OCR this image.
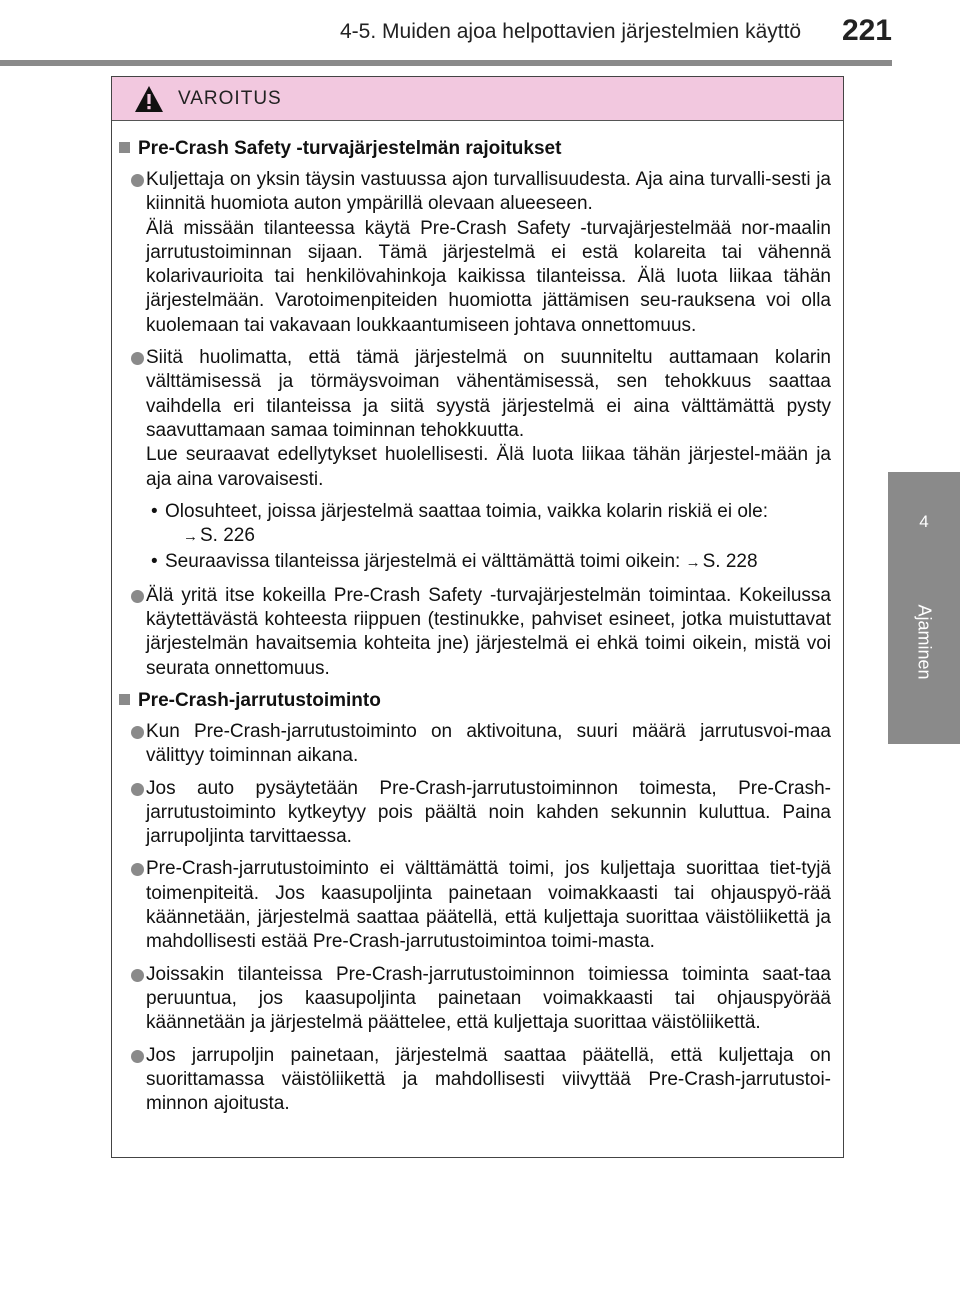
4-5. Muiden ajoa helpottavien järjestelmien käyttö 221
4
Ajaminen
VAROITUS
Pre-Crash Safety -turvajärjestelmän rajoitukset

Kuljettaja on yksin täysin vastuussa ajon turvallisuudesta. Aja aina turvalli-sesti ja kiinnitä huomiota auton ympärillä olevaan alueeseen.

Älä missään tilanteessa käytä Pre-Crash Safety -turvajärjestelmää nor-maalin jarrutustoiminnan sijaan. Tämä järjestelmä ei estä kolareita tai vähennä kolarivaurioita tai henkilövahinkoja kaikissa tilanteissa. Älä luota liikaa tähän järjestelmään. Varotoimenpiteiden huomiotta jättämisen seu-rauksena voi olla kuolemaan tai vakavaan loukkaantumiseen johtava onnettomuus.

Siitä huolimatta, että tämä järjestelmä on suunniteltu auttamaan kolarin välttämisessä ja törmäysvoiman vähentämisessä, sen tehokkuus saattaa vaihdella eri tilanteissa ja siitä syystä järjestelmä ei aina välttämättä pysty saavuttamaan samaa toiminnan tehokkuutta.

Lue seuraavat edellytykset huolellisesti. Älä luota liikaa tähän järjestel-mään ja aja aina varovaisesti.

• Olosuhteet, joissa järjestelmä saattaa toimia, vaikka kolarin riskiä ei ole:
→ S. 226
• Seuraavissa tilanteissa järjestelmä ei välttämättä toimi oikein: → S. 228

Älä yritä itse kokeilla Pre-Crash Safety -turvajärjestelmän toimintaa. Kokeilussa käytettävästä kohteesta riippuen (testinukke, pahviset esineet, jotka muistuttavat järjestelmän havaitsemia kohteita jne) järjestelmä ei ehkä toimi oikein, mistä voi seurata onnettomuus.

Pre-Crash-jarrutustoiminto

Kun Pre-Crash-jarrutustoiminto on aktivoituna, suuri määrä jarrutusvoi-maa välittyy toiminnan aikana.

Jos auto pysäytetään Pre-Crash-jarrutustoiminnon toimesta, Pre-Crash-jarrutustoiminto kytkeytyy pois päältä noin kahden sekunnin kuluttua. Paina jarrupoljinta tarvittaessa.

Pre-Crash-jarrutustoiminto ei välttämättä toimi, jos kuljettaja suorittaa tiet-tyjä toimenpiteitä. Jos kaasupoljinta painetaan voimakkaasti tai ohjauspyö-rää käännetään, järjestelmä saattaa päätellä, että kuljettaja suorittaa väistöliikettä ja mahdollisesti estää Pre-Crash-jarrutustoimintoa toimi-masta.

Joissakin tilanteissa Pre-Crash-jarrutustoiminnon toimiessa toiminta saat-taa peruuntua, jos kaasupoljinta painetaan voimakkaasti tai ohjauspyörää käännetään ja järjestelmä päättelee, että kuljettaja suorittaa väistöliikettä.

Jos jarrupoljin painetaan, järjestelmä saattaa päätellä, että kuljettaja on suorittamassa väistöliikettä ja mahdollisesti viivyttää Pre-Crash-jarrutustoi-minnon ajoitusta.
